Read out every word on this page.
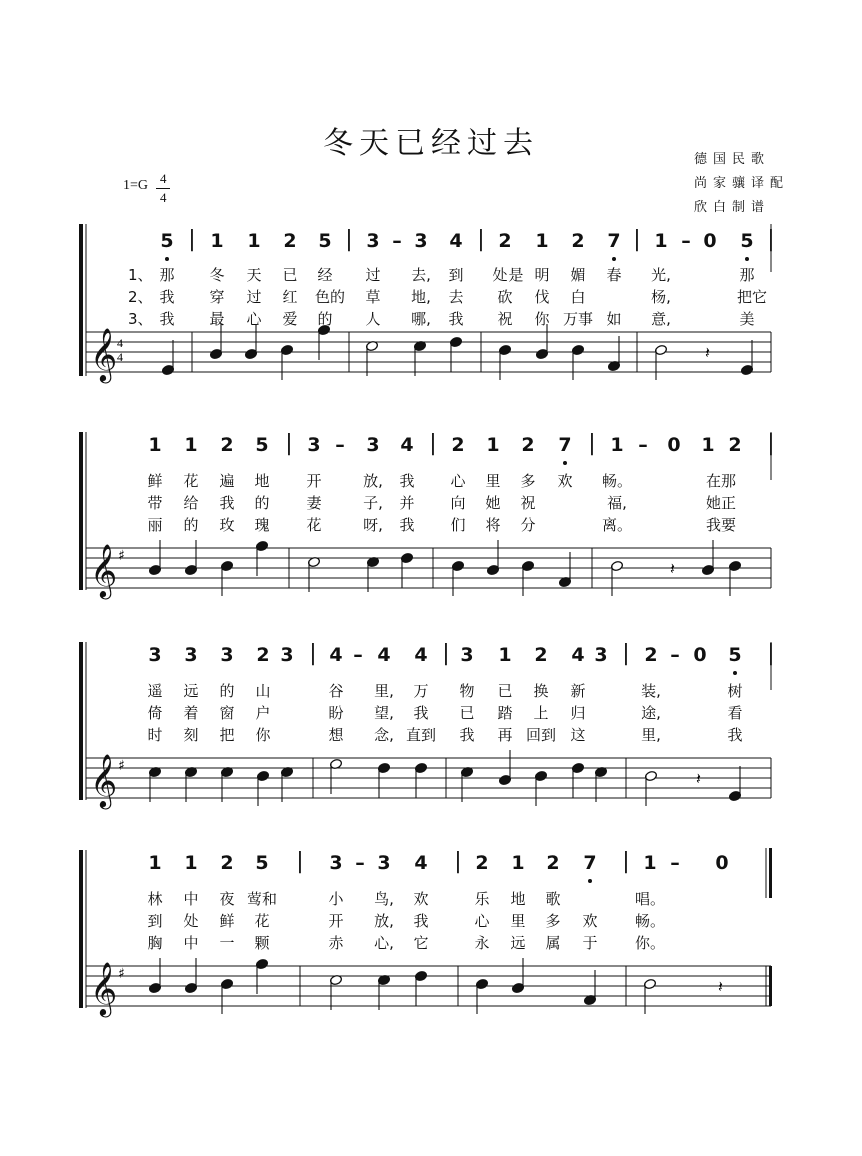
冬天已经过去	德国民歌
尚家骧译配
欣白制谱
1=G 4
4
𝄞 4
4	𝄽
5 | 1 1 2 5 | 3 – 3 4 | 2 1 2 7 | 1 – 0 5 |
1、 那 冬 天 已 经 过 去, 到 处 是 明 媚 春 光,	那
2、 我 穿 过 红 色的 草 地, 去 砍 伐 白	杨,	把它
3、 我 最 心 爱 的 人 哪, 我 祝 你 万事 如 意,	美
𝄞 ♯
𝄽
1 1 2 5 | 3 – 3 4 | 2 1 2 7 | 1 – 0 1 2 |
鲜 花 遍 地 开	放, 我 心 里 多 欢 畅。	在那
带 给 我 的 妻	子, 并 向 她 祝	福,	她正
丽 的 玫 瑰 花	呀, 我 们 将 分	离。	我要
𝄞 ♯
𝄽
3 3 3 2 3 | 4 – 4 4 | 3 1 2 4 3 | 2 – 0 5 |
遥 远 的 山	谷 里, 万 物 已 换 新	装,	树
倚 着 窗 户	盼 望, 我 已 踏 上 归	途,	看
时 刻 把 你	想 念, 直到 我 再 回到 这	里,	我
𝄞 ♯
𝄽
1 1 2 5 | 3 – 3 4 | 2 1 2 7 | 1 – 0
林 中 夜 莺和	小 鸟, 欢	乐 地 歌	唱。
到 处 鲜 花	开 放, 我	心 里 多 欢 畅。
胸 中 一 颗	赤 心, 它	永 远 属 于 你。
